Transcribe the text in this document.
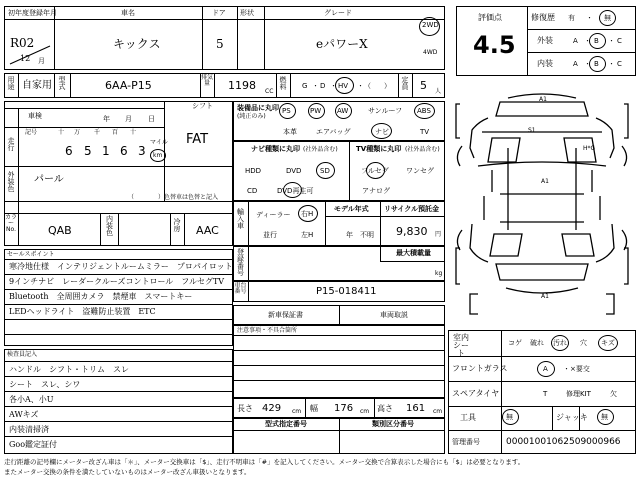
初年度登録年月	車名	ドア 形状	グレード
R02
12 月
キックス	5	eパワーX
2WD
4WD
評価点
4.5
修復歴 有 ・ 無
外装	A ・ B ・ C
内装	A ・ B ・ C
用途 自家用 型式	6AA-P15
排気量 1198 CC
燃料	G ・ D ・ HV ・ （ ）
定員 5 人
シフト
FAT
車検	年 月 日
走行
記号	十 万 千 百 十
6 5 1 6 3
マイル
km
外装色
パール
（　　　　）色替車は色替と記入
カラーNo.	QAB
内装色
冷房 AAC
装備品に丸印
(純正のみ)
PS	PW AW	サンルーフ ABS
本革	エアバッグ	ナビ	TV
ナビ種類に丸印 (社外品含む)
HDD	DVD	SD
CD	DVD再生可
TV種類に丸印 (社外品含む)
フルセグ ワンセグ
アナログ
輸入車
ディーラー 右H
並行	左H
モデル年式
年　不明
リサイクル預託金
9,830 円
セールスポイント
寒冷地仕様　インテリジェントルームミラー　プロパイロット
9インチナビ　レーダークルーズコントロール　フルセグTV
Bluetooth　全周囲カメラ　禁煙車　スマートキー
LEDヘッドライト　盗難防止装置　ETC
登録番号
最大積載量
kg
車台番号	P15-018411
新車保証書	車両取説
注意事項・不具合箇所
検査員記入
ハンドル　シフト・トリム　スレ
シート　スレ、シワ
各小A、小U
AWキズ
内装清掃済
Goo鑑定証付
長さ 429 cm 幅 176 cm 高さ 161 cm
型式指定番号	類別区分番号
A1
S1
H*G
A1
A1
室内シート
コゲ 破れ 汚れ 穴 キズ
フロントガラス	A ・×要交
スペアタイヤ	T	修理KIT	欠
工具	無	ジャッキ 無
管理番号	00001001062509000966
走行距離の記号欄にメーター改ざん車は「＊」、メーター交換車は「$」、走行不明車は「#」を記入してください。メーター交換で合算表示した場合にも「$」は必要となります。
またメーター交換の条件を満たしていないものはメーター改ざん車扱いとなります。
